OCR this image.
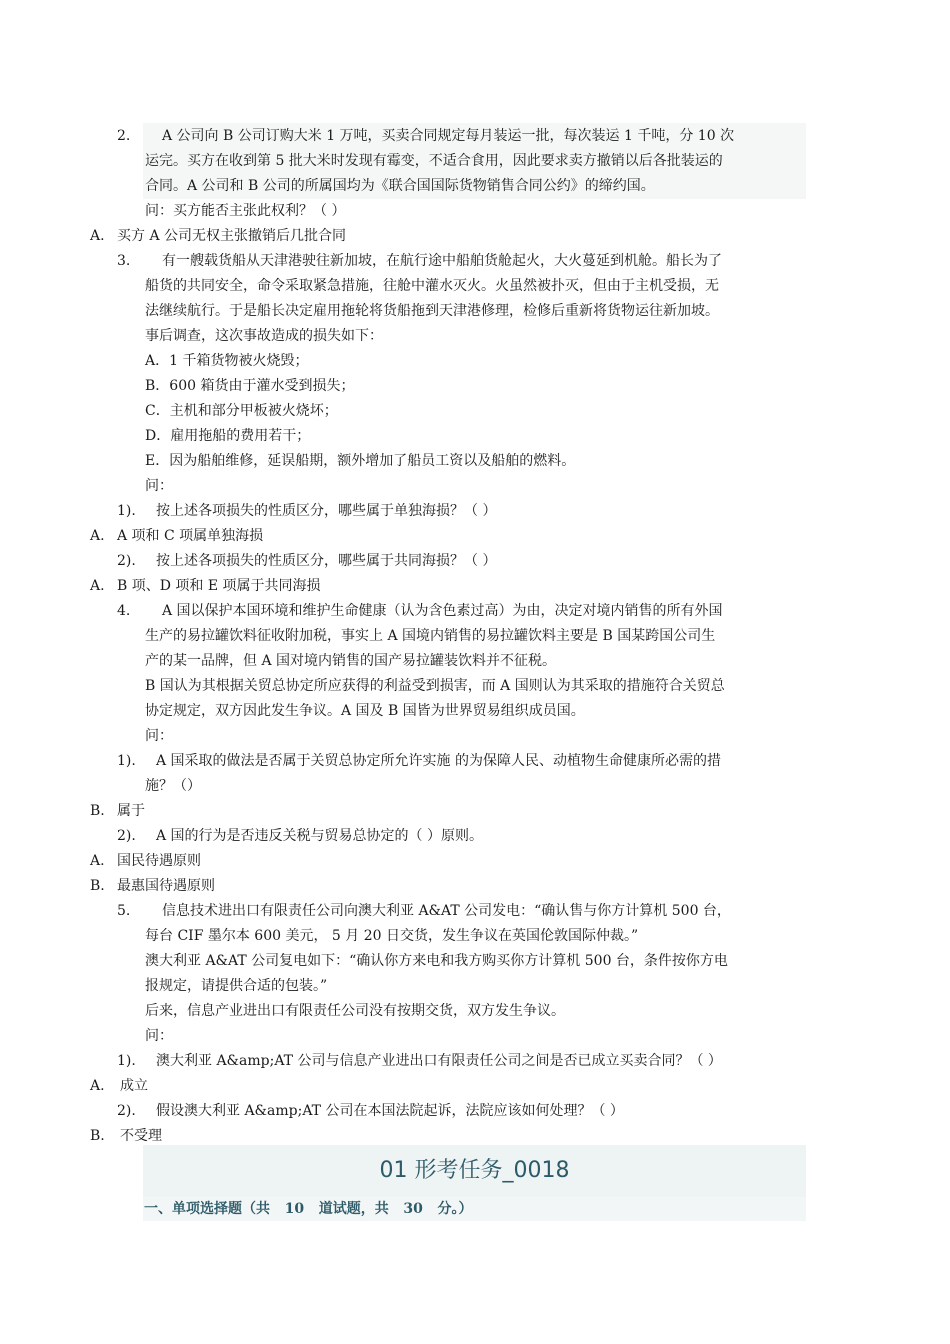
2. A 公司向 B 公司订购大米 1 万吨，买卖合同规定每月装运一批，每次装运 1 千吨，分 10 次
运完。买方在收到第 5 批大米时发现有霉变，不适合食用，因此要求卖方撤销以后各批装运的
合同。A 公司和 B 公司的所属国均为《联合国国际货物销售合同公约》的缔约国。
问：买方能否主张此权利？（ ）
A. 买方 A 公司无权主张撤销后几批合同
3. 有一艘载货船从天津港驶往新加坡，在航行途中船舶货舱起火，大火蔓延到机舱。船长为了
船货的共同安全，命令采取紧急措施，往舱中灌水灭火。火虽然被扑灭，但由于主机受损，无
法继续航行。于是船长决定雇用拖轮将货船拖到天津港修理，检修后重新将货物运往新加坡。
事后调查，这次事故造成的损失如下：
A．1 千箱货物被火烧毁；
B．600 箱货由于灌水受到损失；
C．主机和部分甲板被火烧坏；
D．雇用拖船的费用若干；
E．因为船舶维修，延误船期，额外增加了船员工资以及船舶的燃料。
问：
1). 按上述各项损失的性质区分，哪些属于单独海损？（ ）
A. A 项和 C 项属单独海损
2). 按上述各项损失的性质区分，哪些属于共同海损？（ ）
A. B 项、D 项和 E 项属于共同海损
4. A 国以保护本国环境和维护生命健康（认为含色素过高）为由，决定对境内销售的所有外国
生产的易拉罐饮料征收附加税，事实上 A 国境内销售的易拉罐饮料主要是 B 国某跨国公司生
产的某一品牌，但 A 国对境内销售的国产易拉罐装饮料并不征税。
B 国认为其根据关贸总协定所应获得的利益受到损害，而 A 国则认为其采取的措施符合关贸总
协定规定，双方因此发生争议。A 国及 B 国皆为世界贸易组织成员国。
问：
1). A 国采取的做法是否属于关贸总协定所允许实施 的为保障人民、动植物生命健康所必需的措
施？（）
B. 属于
2). A 国的行为是否违反关税与贸易总协定的（ ）原则。
A. 国民待遇原则
B. 最惠国待遇原则
5. 信息技术进出口有限责任公司向澳大利亚 A&AT 公司发电：“确认售与你方计算机 500 台，
每台 CIF 墨尔本 600 美元， 5 月 20 日交货，发生争议在英国伦敦国际仲裁。”
澳大利亚 A&AT 公司复电如下：“确认你方来电和我方购买你方计算机 500 台，条件按你方电
报规定，请提供合适的包装。”
后来，信息产业进出口有限责任公司没有按期交货，双方发生争议。
问：
1). 澳大利亚 A&amp;AT 公司与信息产业进出口有限责任公司之间是否已成立买卖合同？（ ）
A. 成立
2). 假设澳大利亚 A&amp;AT 公司在本国法院起诉，法院应该如何处理？（ ）
B. 不受理
01 形考任务_0018
一、单项选择题（共   10   道试题，共   30   分。）
